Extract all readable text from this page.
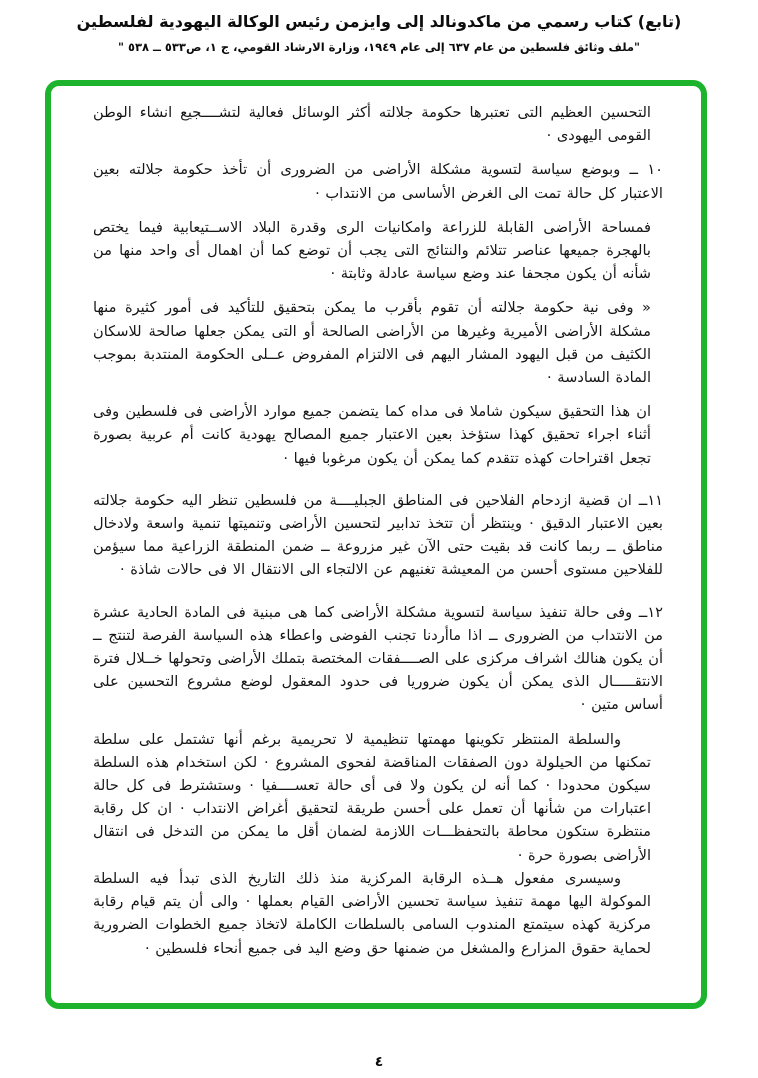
(تابع) كتاب رسمي من ماكدونالد إلى وايزمن رئيس الوكالة اليهودية لفلسطين
"ملف وثائق فلسطين من عام ٦٣٧ إلى عام ١٩٤٩، وزارة الارشاد القومي، ج ١، ص٥٣٣ ــ ٥٣٨ "

التحسين العظيم التى تعتبرها حكومة جلالته أكثر الوسائل فعالية لتشــــجيع انشاء الوطن القومى اليهودى ·

١٠ ــ وبوضع سياسة لتسوية مشكلة الأراضى من الضرورى أن تأخذ حكومة جلالته بعين الاعتبار كل حالة تمت الى الغرض الأساسى من الانتداب ·

فمساحة الأراضى القابلة للزراعة وامكانيات الرى وقدرة البلاد الاســتيعابية فيما يختص بالهجرة جميعها عناصر تتلائم والنتائج التى يجب أن توضع كما أن اهمال أى واحد منها من شأنه أن يكون مجحفا عند وضع سياسة عادلة وثابتة ·

« وفى نية حكومة جلالته أن تقوم بأقرب ما يمكن بتحقيق للتأكيد فى أمور كثيرة منها مشكلة الأراضى الأميرية وغيرها من الأراضى الصالحة أو التى يمكن جعلها صالحة للاسكان الكثيف من قبل اليهود المشار اليهم فى الالتزام المفروض عــلى الحكومة المنتدبة بموجب المادة السادسة ·

ان هذا التحقيق سيكون شاملا فى مداه كما يتضمن جميع موارد الأراضى فى فلسطين وفى أثناء اجراء تحقيق كهذا ستؤخذ بعين الاعتبار جميع المصالح يهودية كانت أم عربية بصورة تجعل اقتراحات كهذه تتقدم كما يمكن أن يكون مرغوبا فيها ·

١١ــ ان قضية ازدحام الفلاحين فى المناطق الجبليــــة من فلسطين تنظر اليه حكومة جلالته بعين الاعتبار الدقيق · وينتظر أن تتخذ تدابير لتحسين الأراضى وتنميتها تنمية واسعة ولادخال مناطق ــ ربما كانت قد بقيت حتى الآن غير مزروعة ــ ضمن المنطقة الزراعية مما سيؤمن للفلاحين مستوى أحسن من المعيشة تغنيهم عن الالتجاء الى الانتقال الا فى حالات شاذة ·

١٢ــ وفى حالة تنفيذ سياسة لتسوية مشكلة الأراضى كما هى مبنية فى المادة الحادية عشرة من الانتداب من الضرورى ــ اذا ماأردنا تجنب الفوضى واعطاء هذه السياسة الفرصة لتنتج ــ أن يكون هنالك اشراف مركزى على الصــــفقات المختصة بتملك الأراضى وتحولها خــلال فترة الانتقـــــال الذى يمكن أن يكون ضروريا فى حدود المعقول لوضع مشروع التحسين على أساس متين ·

والسلطة المنتظر تكوينها مهمتها تنظيمية لا تحريمية برغم أنها تشتمل على سلطة تمكنها من الحيلولة دون الصفقات المناقضة لفحوى المشروع · لكن استخدام هذه السلطة سيكون محدودا · كما أنه لن يكون ولا فى أى حالة تعســــفيا · وستشترط فى كل حالة اعتبارات من شأنها أن تعمل على أحسن طريقة لتحقيق أغراض الانتداب · ان كل رقابة منتظرة ستكون محاطة بالتحفظـــات اللازمة لضمان أقل ما يمكن من التدخل فى انتقال الأراضى بصورة حرة ·

وسيسرى مفعول هــذه الرقابة المركزية منذ ذلك التاريخ الذى تبدأ فيه السلطة الموكولة اليها مهمة تنفيذ سياسة تحسين الأراضى القيام بعملها · والى أن يتم قيام رقابة مركزية كهذه سيتمتع المندوب السامى بالسلطات الكاملة لاتخاذ جميع الخطوات الضرورية لحماية حقوق المزارع والمشغل من ضمنها حق وضع اليد فى جميع أنحاء فلسطين ·

٤
